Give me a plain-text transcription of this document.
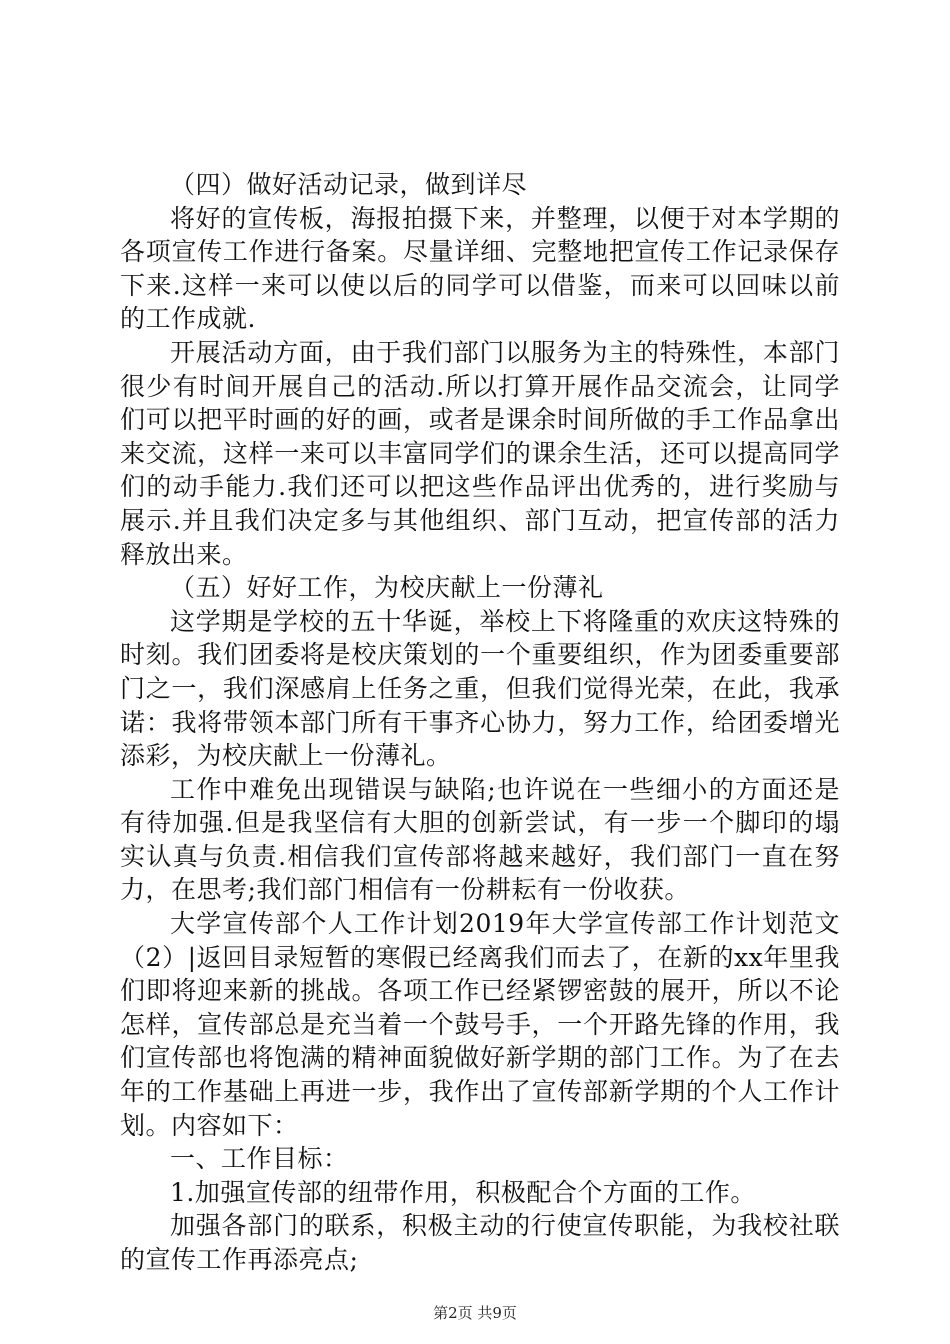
（四）做好活动记录，做到详尽

将好的宣传板，海报拍摄下来，并整理，以便于对本学期的各项宣传工作进行备案。尽量详细、完整地把宣传工作记录保存下来.这样一来可以使以后的同学可以借鉴，而来可以回味以前的工作成就.

开展活动方面，由于我们部门以服务为主的特殊性，本部门很少有时间开展自己的活动.所以打算开展作品交流会，让同学们可以把平时画的好的画，或者是课余时间所做的手工作品拿出来交流，这样一来可以丰富同学们的课余生活，还可以提高同学们的动手能力.我们还可以把这些作品评出优秀的，进行奖励与展示.并且我们决定多与其他组织、部门互动，把宣传部的活力释放出来。

（五）好好工作，为校庆献上一份薄礼

这学期是学校的五十华诞，举校上下将隆重的欢庆这特殊的时刻。我们团委将是校庆策划的一个重要组织，作为团委重要部门之一，我们深感肩上任务之重，但我们觉得光荣，在此，我承诺：我将带领本部门所有干事齐心协力，努力工作，给团委增光添彩，为校庆献上一份薄礼。

工作中难免出现错误与缺陷;也许说在一些细小的方面还是有待加强.但是我坚信有大胆的创新尝试，有一步一个脚印的塌实认真与负责.相信我们宣传部将越来越好，我们部门一直在努力，在思考;我们部门相信有一份耕耘有一份收获。

大学宣传部个人工作计划2019年大学宣传部工作计划范文（2）|返回目录短暂的寒假已经离我们而去了，在新的xx年里我们即将迎来新的挑战。各项工作已经紧锣密鼓的展开，所以不论怎样，宣传部总是充当着一个鼓号手，一个开路先锋的作用，我们宣传部也将饱满的精神面貌做好新学期的部门工作。为了在去年的工作基础上再进一步，我作出了宣传部新学期的个人工作计划。内容如下：

一、工作目标：

1.加强宣传部的纽带作用，积极配合个方面的工作。

加强各部门的联系，积极主动的行使宣传职能，为我校社联的宣传工作再添亮点;

第2页 共9页
